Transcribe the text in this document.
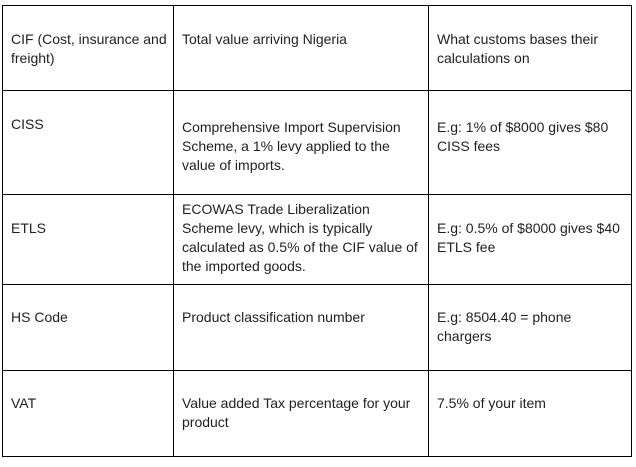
CIF (Cost, insurance and freight)	Total value arriving Nigeria	What customs bases their calculations on

CISS	Comprehensive Import Supervision Scheme, a 1% levy applied to the value of imports.	E.g: 1% of $8000 gives $80 CISS fees

ETLS	ECOWAS Trade Liberalization Scheme levy, which is typically calculated as 0.5% of the CIF value of the imported goods.	E.g: 0.5% of $8000 gives $40 ETLS fee

HS Code	Product classification number	E.g: 8504.40 = phone chargers

VAT	Value added Tax percentage for your product	7.5% of your item
